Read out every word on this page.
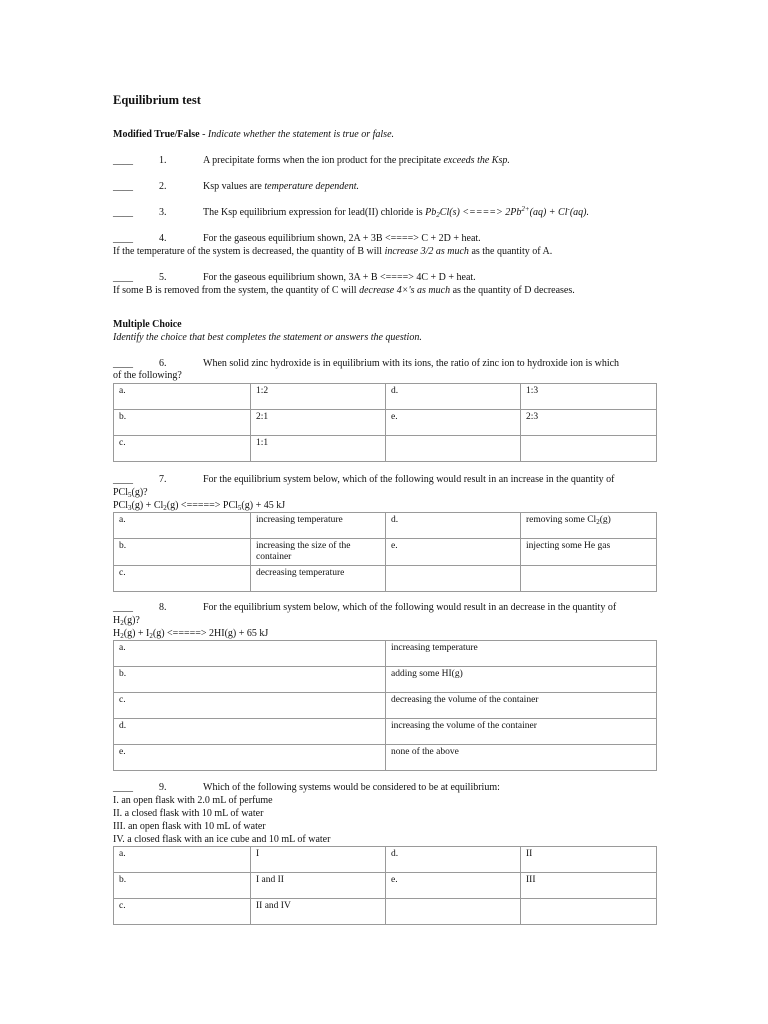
Equilibrium test
Modified True/False - Indicate whether the statement is true or false.
____	1.	A precipitate forms when the ion product for the precipitate exceeds the Ksp.
____	2.	Ksp values are temperature dependent.
____	3.	The Ksp equilibrium expression for lead(II) chloride is $Pb_2Cl(s)$ <====> $2Pb^{2+}(aq) + Cl^-(aq)$.
____	4.	For the gaseous equilibrium shown, 2A + 3B <====> C + 2D + heat.
If the temperature of the system is decreased, the quantity of B will increase 3/2 as much as the quantity of A.
____	5.	For the gaseous equilibrium shown, 3A + B <====> 4C + D + heat.
If some B is removed from the system, the quantity of C will decrease 4×'s as much as the quantity of D decreases.
Multiple Choice
Identify the choice that best completes the statement or answers the question.
____	6.	When solid zinc hydroxide is in equilibrium with its ions, the ratio of zinc ion to hydroxide ion is which
of the following?
a.	1:2	d.	1:3
b.	2:1	e.	2:3
c.	1:1		
____	7.	For the equilibrium system below, which of the following would result in an increase in the quantity of
PCl$_5$(g)?
$PCl_3(g) + Cl_2(g)$ <=====> PCl$_5$(g) + 45 kJ
a.	increasing temperature	d.	removing some $Cl_2(g)$
b.	increasing the size of the container	e.	injecting some He gas
c.	decreasing temperature		
____	8.	For the equilibrium system below, which of the following would result in an decrease in the quantity of
$H_2(g)$?
$H_2(g) + I_2(g)$ <=====> 2HI(g) + 65 kJ
a.	increasing temperature
b.	adding some HI(g)
c.	decreasing the volume of the container
d.	increasing the volume of the container
e.	none of the above
____	9.	Which of the following systems would be considered to be at equilibrium:
I. an open flask with 2.0 mL of perfume
II. a closed flask with 10 mL of water
III. an open flask with 10 mL of water
IV. a closed flask with an ice cube and 10 mL of water
a.	I	d.	II
b.	I and II	e.	III
c.	II and IV		
